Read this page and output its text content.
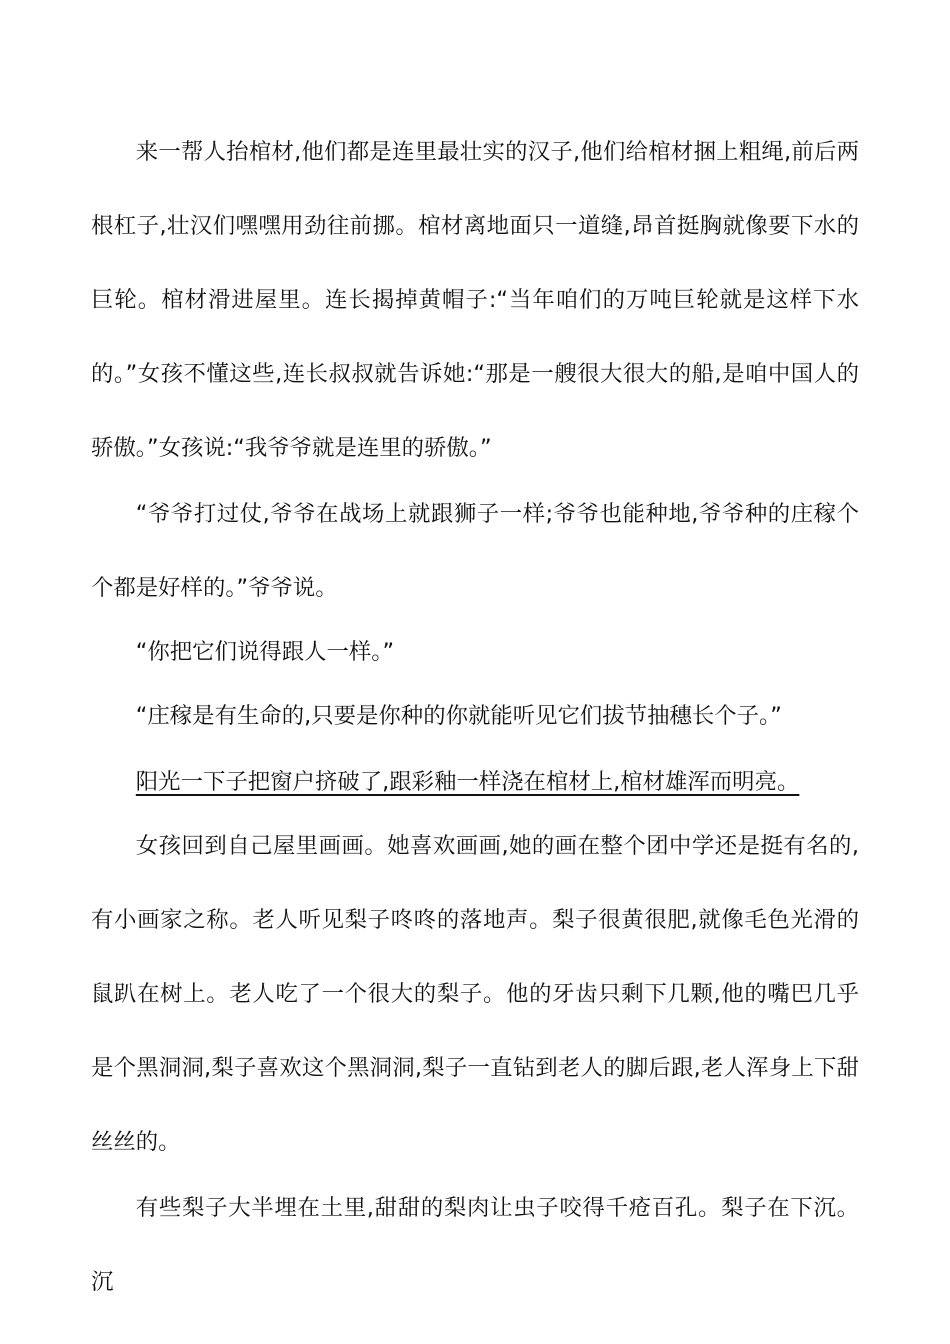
来一帮人抬棺材,他们都是连里最壮实的汉子,他们给棺材捆上粗绳,前后两根杠子,壮汉们嘿嘿用劲往前挪。棺材离地面只一道缝,昂首挺胸就像要下水的巨轮。棺材滑进屋里。连长揭掉黄帽子:“当年咱们的万吨巨轮就是这样下水的。”女孩不懂这些,连长叔叔就告诉她:“那是一艘很大很大的船,是咱中国人的骄傲。”女孩说:“我爷爷就是连里的骄傲。”

“爷爷打过仗,爷爷在战场上就跟狮子一样;爷爷也能种地,爷爷种的庄稼个个都是好样的。”爷爷说。

“你把它们说得跟人一样。”

“庄稼是有生命的,只要是你种的你就能听见它们拔节抽穗长个子。”

阳光一下子把窗户挤破了,跟彩釉一样浇在棺材上,棺材雄浑而明亮。

女孩回到自己屋里画画。她喜欢画画,她的画在整个团中学还是挺有名的,有小画家之称。老人听见梨子咚咚的落地声。梨子很黄很肥,就像毛色光滑的鼠趴在树上。老人吃了一个很大的梨子。他的牙齿只剩下几颗,他的嘴巴几乎是个黑洞洞,梨子喜欢这个黑洞洞,梨子一直钻到老人的脚后跟,老人浑身上下甜丝丝的。

有些梨子大半埋在土里,甜甜的梨肉让虫子咬得千疮百孔。梨子在下沉。沉
